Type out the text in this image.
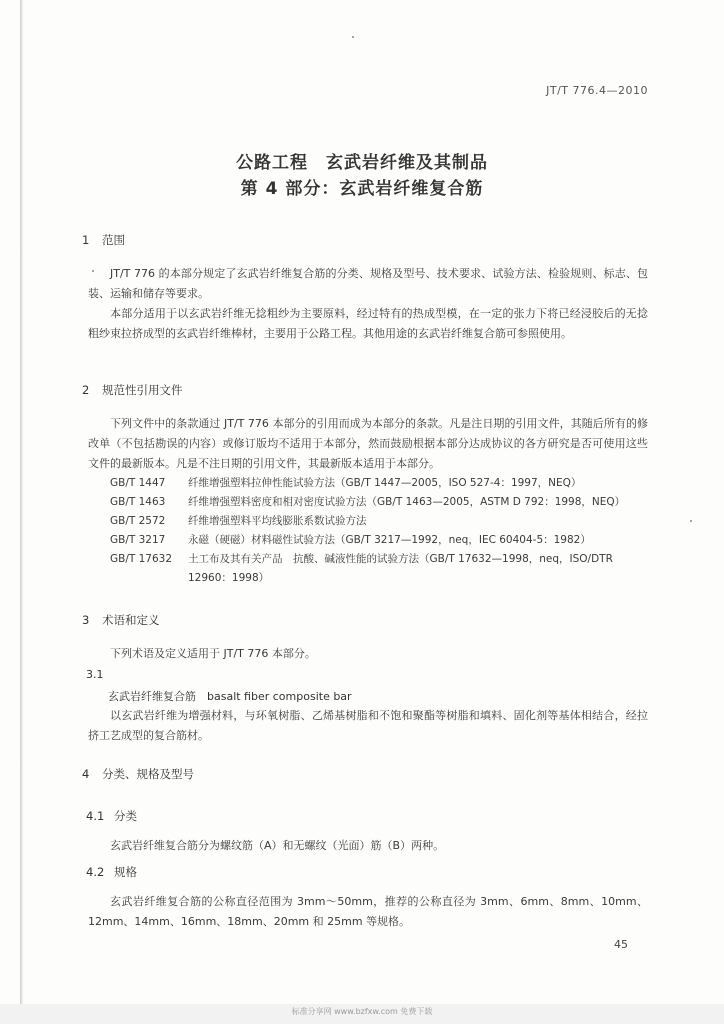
JT/T 776.4—2010
公路工程　玄武岩纤维及其制品
第 4 部分：玄武岩纤维复合筋
1 范围
JT/T 776 的本部分规定了玄武岩纤维复合筋的分类、规格及型号、技术要求、试验方法、检验规则、标志、包装、运输和储存等要求。
本部分适用于以玄武岩纤维无捻粗纱为主要原料，经过特有的热成型模，在一定的张力下将已经浸胶后的无捻粗纱束拉挤成型的玄武岩纤维棒材，主要用于公路工程。其他用途的玄武岩纤维复合筋可参照使用。
2 规范性引用文件
下列文件中的条款通过 JT/T 776 本部分的引用而成为本部分的条款。凡是注日期的引用文件，其随后所有的修改单（不包括勘误的内容）或修订版均不适用于本部分，然而鼓励根据本部分达成协议的各方研究是否可使用这些文件的最新版本。凡是不注日期的引用文件，其最新版本适用于本部分。
GB/T 1447 纤维增强塑料拉伸性能试验方法（GB/T 1447—2005，ISO 527-4：1997，NEQ）
GB/T 1463 纤维增强塑料密度和相对密度试验方法（GB/T 1463—2005，ASTM D 792：1998，NEQ）
GB/T 2572 纤维增强塑料平均线膨胀系数试验方法
GB/T 3217 永磁（硬磁）材料磁性试验方法（GB/T 3217—1992，neq，IEC 60404-5：1982）
GB/T 17632 土工布及其有关产品　抗酸、碱液性能的试验方法（GB/T 17632—1998，neq，ISO/DTR 12960：1998）
3 术语和定义
下列术语及定义适用于 JT/T 776 本部分。
3.1
玄武岩纤维复合筋　basalt fiber composite bar
以玄武岩纤维为增强材料，与环氧树脂、乙烯基树脂和不饱和聚酯等树脂和填料、固化剂等基体相结合，经拉挤工艺成型的复合筋材。
4 分类、规格及型号
4.1 分类
玄武岩纤维复合筋分为螺纹筋（A）和无螺纹（光面）筋（B）两种。
4.2 规格
玄武岩纤维复合筋的公称直径范围为 3mm～50mm，推荐的公称直径为 3mm、6mm、8mm、10mm、12mm、14mm、16mm、18mm、20mm 和 25mm 等规格。
45
标准分享网 www.bzfxw.com 免费下载
